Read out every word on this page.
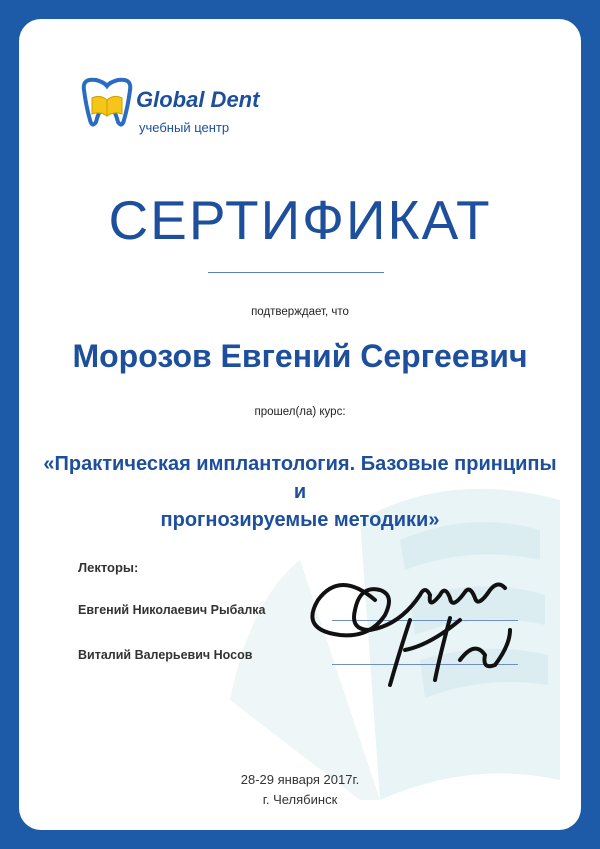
Global Dent
учебный центр
СЕРТИФИКАТ
подтверждает, что
Морозов Евгений Сергеевич
прошел(ла) курс:
«Практическая имплантология. Базовые принципы и
прогнозируемые методики»
Лекторы:
Евгений Николаевич Рыбалка
Виталий Валерьевич Носов
28-29 января 2017г.
г. Челябинск
